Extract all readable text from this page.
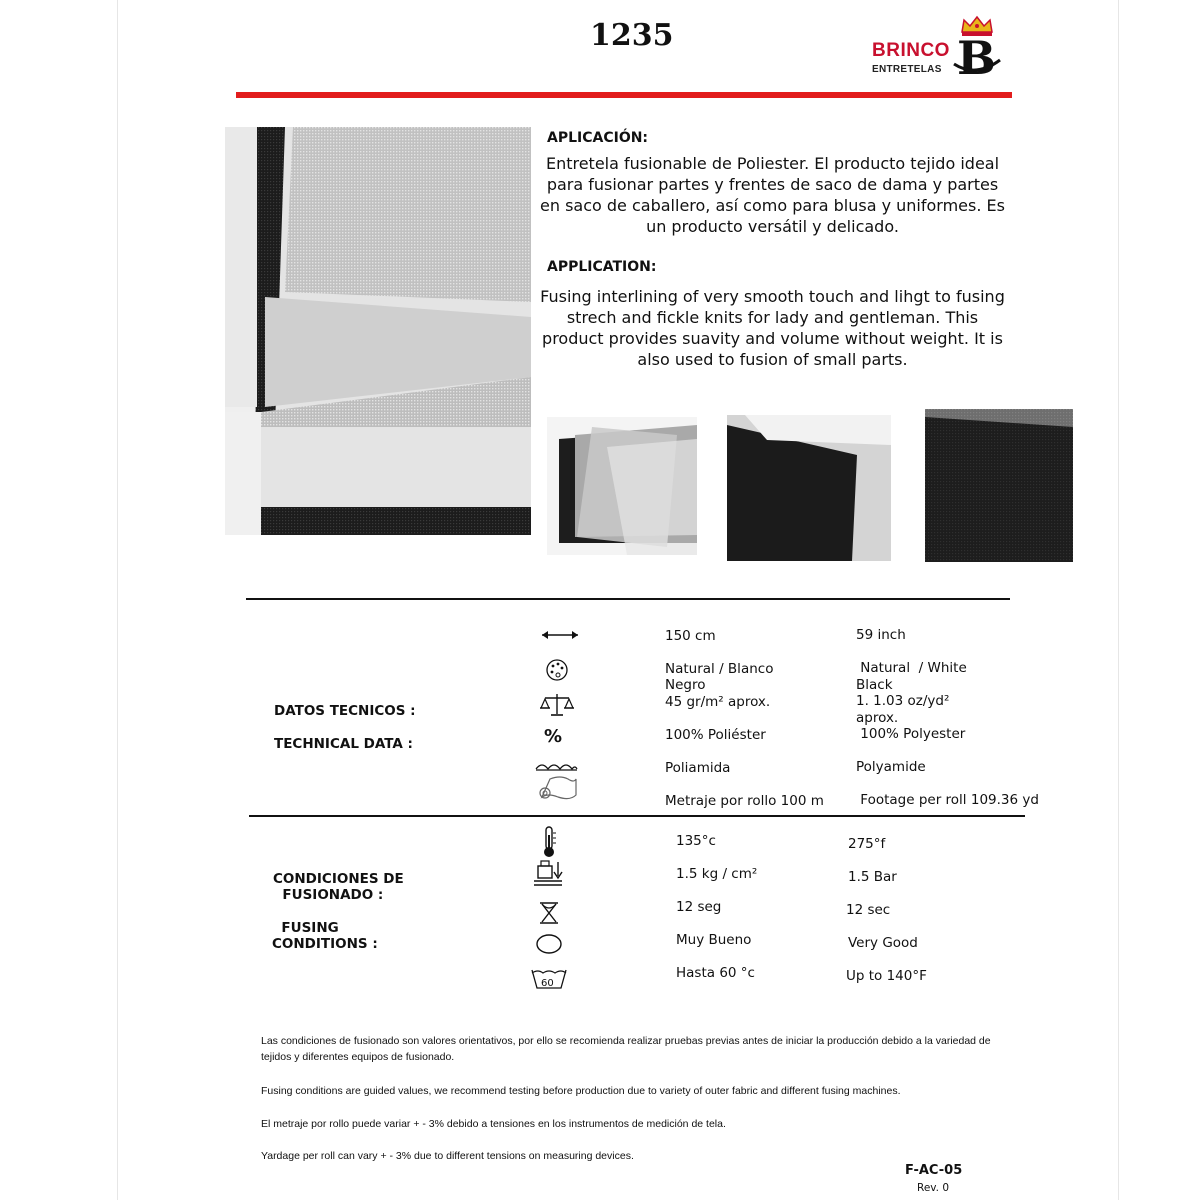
1235	BRINCO
ENTRETELAS B
APLICACIÓN:
Entretela fusionable de Poliester. El producto tejido ideal para fusionar partes y frentes de saco de dama y partes en saco de caballero, así como para blusa y uniformes. Es un producto versátil y delicado.
APPLICATION:
Fusing interlining of very smooth touch and lihgt to fusing strech and fickle knits for lady and gentleman. This product provides suavity and volume without weight. It is also used to fusion of small parts.
DATOS TECNICOS :
TECHNICAL DATA :	%
150 cm
Natural / Blanco
Negro
45 gr/m² aprox.
100% Poliéster
Poliamida
Metraje por rollo 100 m
59 inch
Natural  / White
Black
1. 1.03 oz/yd²
aprox.
100% Polyester
Polyamide
Footage per roll 109.36 yd
CONDICIONES DE
FUSIONADO :
FUSING
CONDITIONS :
60
135°c
1.5 kg / cm²
12 seg
Muy Bueno
Hasta 60 °c
275°f
1.5 Bar
12 sec
Very Good
Up to 140°F
Las condiciones de fusionado son valores orientativos, por ello se recomienda realizar pruebas previas antes de iniciar la producción debido a la variedad de tejidos y diferentes equipos de fusionado.
Fusing conditions are guided values, we recommend testing before production due to variety of outer fabric and different fusing machines.
El metraje por rollo puede variar + - 3% debido a tensiones en los instrumentos de medición de tela.
Yardage per roll can vary + - 3% due to different tensions on measuring devices.
F-AC-05
Rev. 0
